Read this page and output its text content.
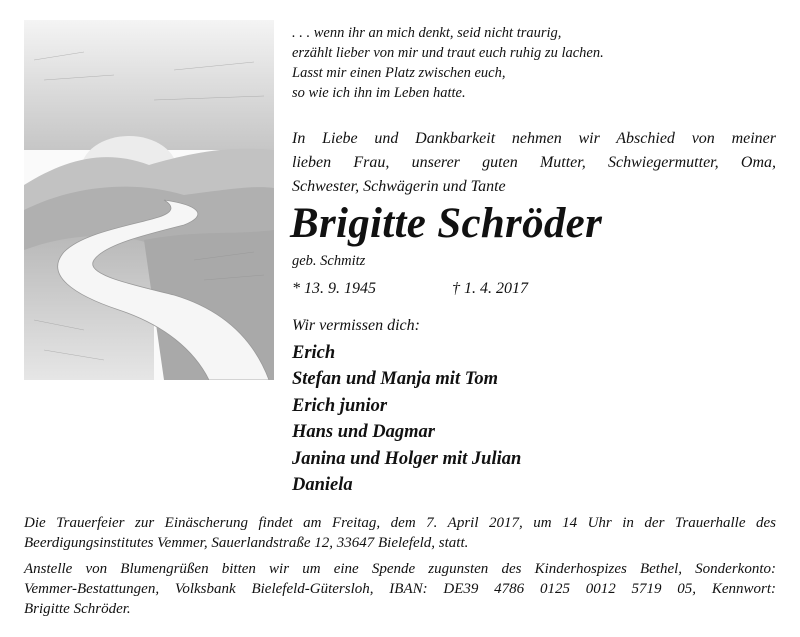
. . . wenn ihr an mich denkt, seid nicht traurig,
erzählt lieber von mir und traut euch ruhig zu lachen.
Lasst mir einen Platz zwischen euch,
so wie ich ihn im Leben hatte.
In Liebe und Dankbarkeit nehmen wir Abschied von meiner
lieben Frau, unserer guten Mutter, Schwiegermutter, Oma,
Schwester, Schwägerin und Tante
Brigitte Schröder
geb. Schmitz
* 13. 9. 1945	† 1. 4. 2017
Wir vermissen dich:
Erich
Stefan und Manja mit Tom
Erich junior
Hans und Dagmar
Janina und Holger mit Julian
Daniela
Die Trauerfeier zur Einäscherung findet am Freitag, dem 7. April 2017, um 14 Uhr in der Trauerhalle des
Beerdigungsinstitutes Vemmer, Sauerlandstraße 12, 33647 Bielefeld, statt.
Anstelle von Blumengrüßen bitten wir um eine Spende zugunsten des Kinderhospizes Bethel, Sonderkonto:
Vemmer-Bestattungen, Volksbank Bielefeld-Gütersloh, IBAN: DE39 4786 0125 0012 5719 05, Kennwort:
Brigitte Schröder.
